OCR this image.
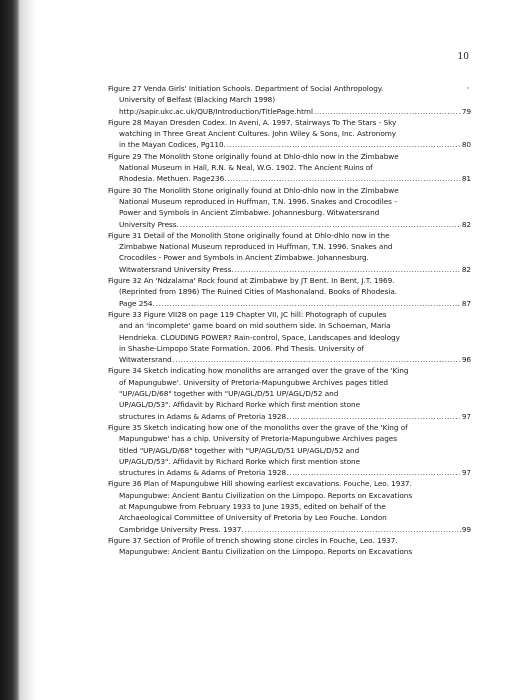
10
'
Figure 27 Venda Girls' Initiation Schools. Department of Social Anthropology.
University of Belfast (Blacking March 1998)
http://sapir.ukc.ac.uk/QUB/Introduction/TitlePage.html .....	79
Figure 28 Mayan Dresden Codex. In Aveni, A. 1997. Stairways To The Stars - Sky
watching in Three Great Ancient Cultures. John Wiley & Sons, Inc. Astronomy
in the Mayan Codices, Pg110. .....	80
Figure 29 The Monolith Stone originally found at Dhlo-dhlo now in the Zimbabwe
National Museum in Hall, R.N. & Neal, W.G. 1902. The Ancient Ruins of
Rhodesia. Methuen. Page236. .....	81
Figure 30 The Monolith Stone originally found at Dhlo-dhlo now in the Zimbabwe
National Museum reproduced in Huffman, T.N. 1996. Snakes and Crocodiles -
Power and Symbols in Ancient Zimbabwe. Johannesburg. Witwatersrand
University Press. .....	82
Figure 31 Detail of the Monolith Stone originally found at Dhlo-dhlo now in the
Zimbabwe National Museum reproduced in Huffman, T.N. 1996. Snakes and
Crocodiles - Power and Symbols in Ancient Zimbabwe. Johannesburg.
Witwatersrand University Press. .....	82
Figure 32 An 'Ndzalama' Rock found at Zimbabwe by JT Bent. In Bent, J.T. 1969.
(Reprinted from 1896) The Ruined Cities of Mashonaland. Books of Rhodesia.
Page 254. .....	87
Figure 33 Figure VII28 on page 119 Chapter VII, JC hill: Photograph of cupules
and an 'incomplete' game board on mid southern side. In Schoeman, Maria
Hendrieka. CLOUDING POWER? Rain-control, Space, Landscapes and Ideology
in Shashe-Limpopo State Formation. 2006. Phd Thesis. University of
Witwatersrand .....	96
Figure 34 Sketch indicating how monoliths are arranged over the grave of the 'King
of Mapungubwe'. University of Pretoria-Mapungubwe Archives pages titled
"UP/AGL/D/68" together with "UP/AGL/D/51 UP/AGL/D/52 and
UP/AGL/D/53". Affidavit by Richard Rorke which first mention stone
structures in Adams & Adams of Pretoria 1928. .....	97
Figure 35 Sketch indicating how one of the monoliths over the grave of the 'King of
Mapungubwe' has a chip. University of Pretoria-Mapungubwe Archives pages
titled "UP/AGL/D/68" together with "UP/AGL/D/51 UP/AGL/D/52 and
UP/AGL/D/53". Affidavit by Richard Rorke which first mention stone
structures in Adams & Adams of Pretoria 1928. .....	97
Figure 36 Plan of Mapungubwe Hill showing earliest excavations. Fouche, Leo. 1937.
Mapungubwe: Ancient Bantu Civilization on the Limpopo. Reports on Excavations
at Mapungubwe from February 1933 to June 1935, edited on behalf of the
Archaeological Committee of University of Pretoria by Leo Fouche. London
Cambridge University Press. 1937. .....	99
Figure 37 Section of Profile of trench showing stone circles in Fouche, Leo. 1937.
Mapungubwe: Ancient Bantu Civilization on the Limpopo. Reports on Excavations
